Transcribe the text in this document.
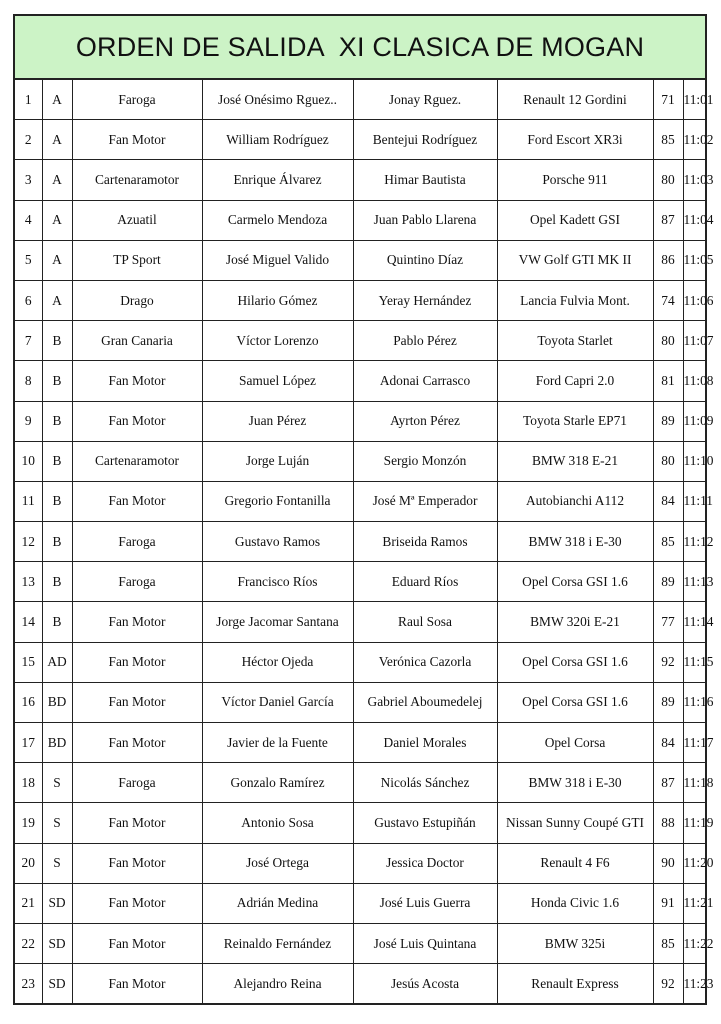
ORDEN DE SALIDA  XI CLASICA DE MOGAN
1	A	Faroga	José Onésimo Rguez..	Jonay Rguez.	Renault 12 Gordini	71	11:01
2	A	Fan Motor	William Rodríguez	Bentejui Rodríguez	Ford Escort XR3i	85	11:02
3	A	Cartenaramotor	Enrique Álvarez	Himar Bautista	Porsche 911	80	11:03
4	A	Azuatil	Carmelo Mendoza	Juan Pablo Llarena	Opel Kadett GSI	87	11:04
5	A	TP Sport	José Miguel Valido	Quintino Díaz	VW Golf GTI MK II	86	11:05
6	A	Drago	Hilario Gómez	Yeray Hernández	Lancia Fulvia Mont.	74	11:06
7	B	Gran Canaria	Víctor Lorenzo	Pablo Pérez	Toyota Starlet	80	11:07
8	B	Fan Motor	Samuel López	Adonai Carrasco	Ford Capri 2.0	81	11:08
9	B	Fan Motor	Juan Pérez	Ayrton Pérez	Toyota Starle EP71	89	11:09
10	B	Cartenaramotor	Jorge Luján	Sergio Monzón	BMW 318 E-21	80	11:10
11	B	Fan Motor	Gregorio Fontanilla	José Mª Emperador	Autobianchi A112	84	11:11
12	B	Faroga	Gustavo Ramos	Briseida Ramos	BMW 318 i E-30	85	11:12
13	B	Faroga	Francisco Ríos	Eduard Ríos	Opel Corsa GSI 1.6	89	11:13
14	B	Fan Motor	Jorge Jacomar Santana	Raul Sosa	BMW 320i E-21	77	11:14
15	AD	Fan Motor	Héctor Ojeda	Verónica Cazorla	Opel Corsa GSI 1.6	92	11:15
16	BD	Fan Motor	Víctor Daniel García	Gabriel Aboumedelej	Opel Corsa GSI 1.6	89	11:16
17	BD	Fan Motor	Javier de la Fuente	Daniel Morales	Opel Corsa	84	11:17
18	S	Faroga	Gonzalo Ramírez	Nicolás Sánchez	BMW 318 i E-30	87	11:18
19	S	Fan Motor	Antonio Sosa	Gustavo Estupiñán	Nissan Sunny Coupé GTI	88	11:19
20	S	Fan Motor	José Ortega	Jessica Doctor	Renault 4 F6	90	11:20
21	SD	Fan Motor	Adrián Medina	José Luis Guerra	Honda Civic 1.6	91	11:21
22	SD	Fan Motor	Reinaldo Fernández	José Luis Quintana	BMW 325i	85	11:22
23	SD	Fan Motor	Alejandro Reina	Jesús Acosta	Renault Express	92	11:23
